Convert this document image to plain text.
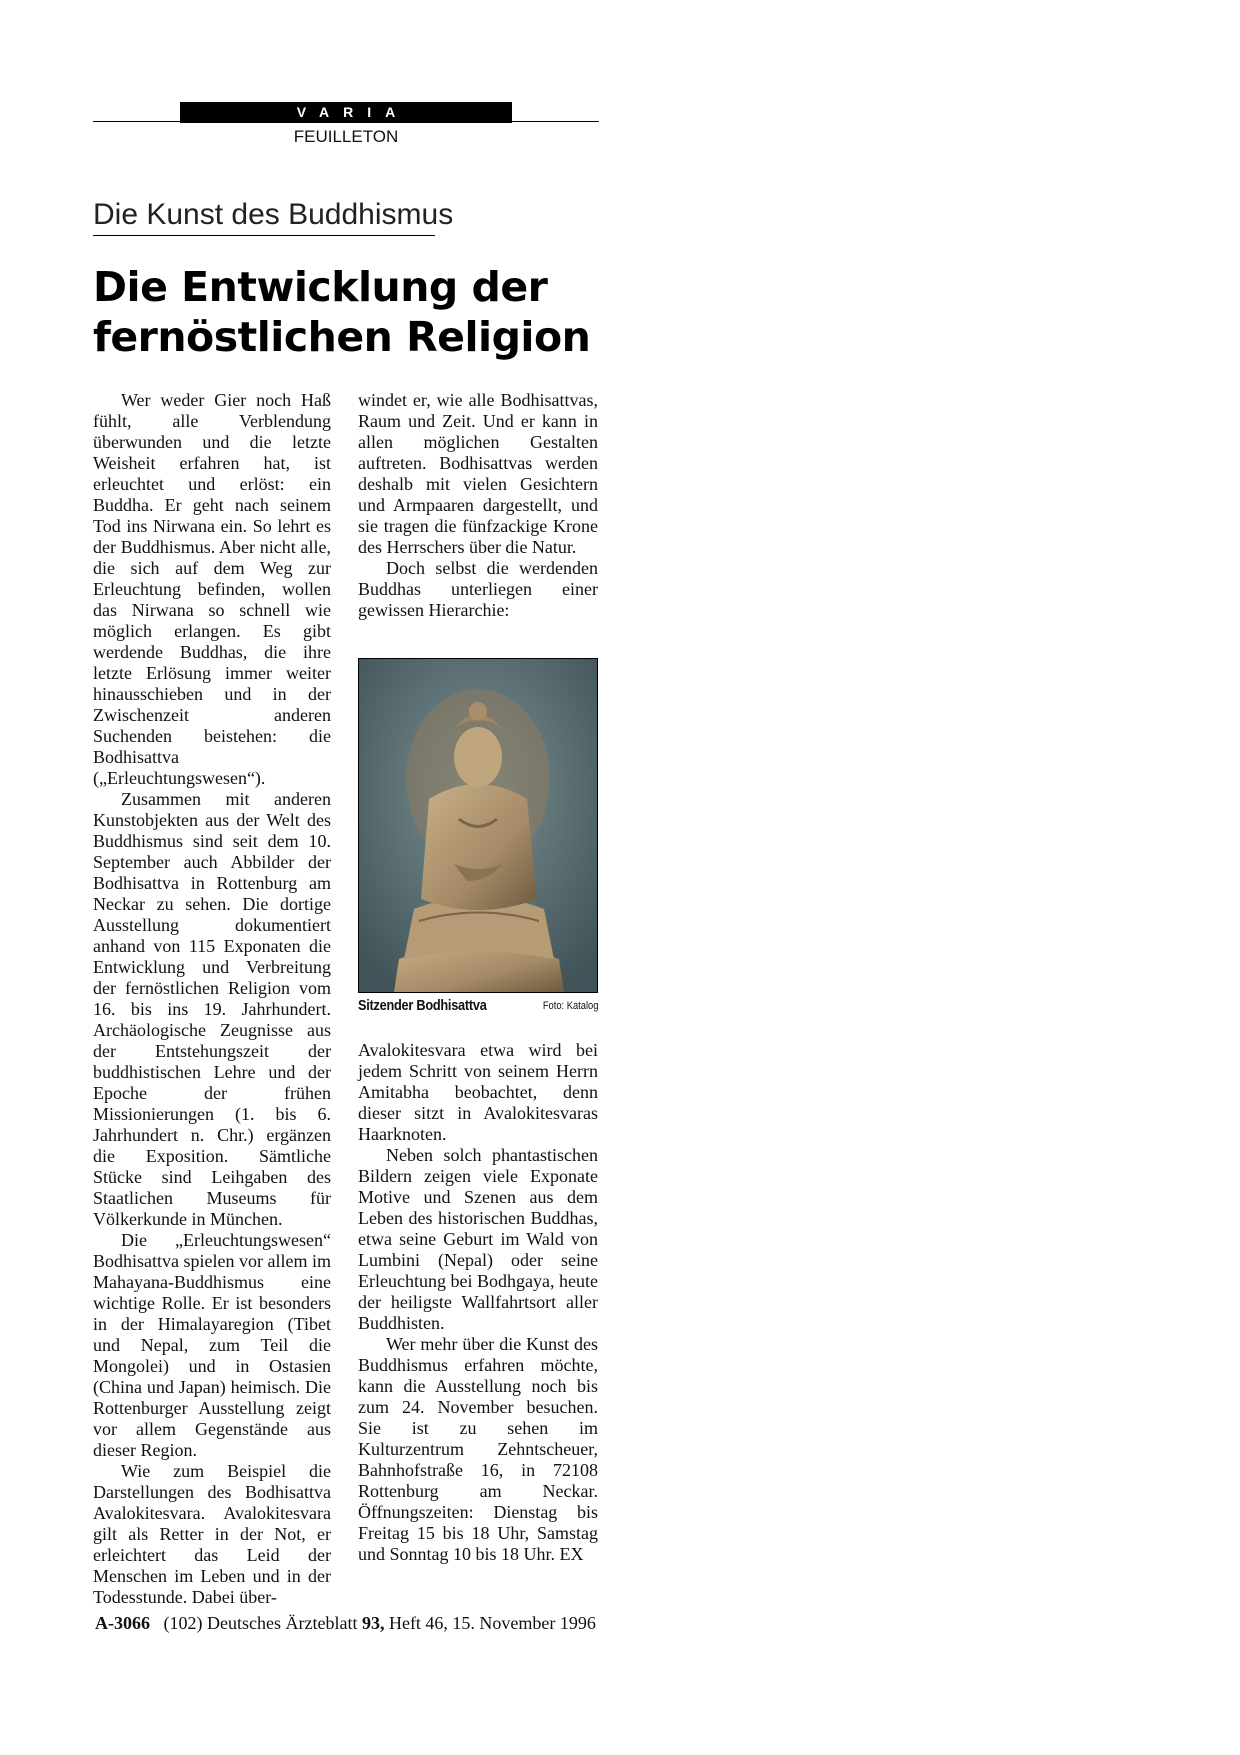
VARIA
FEUILLETON
Die Kunst des Buddhismus
Die Entwicklung der
fernöstlichen Religion

Wer weder Gier noch Haß fühlt, alle Verblendung überwunden und die letzte Weisheit erfahren hat, ist erleuchtet und erlöst: ein Buddha. Er geht nach seinem Tod ins Nirwana ein. So lehrt es der Buddhismus. Aber nicht alle, die sich auf dem Weg zur Erleuchtung befinden, wollen das Nirwana so schnell wie möglich erlangen. Es gibt werdende Buddhas, die ihre letzte Erlösung immer weiter hinausschieben und in der Zwischenzeit anderen Suchenden beistehen: die Bodhisattva („Erleuchtungswesen“).

Zusammen mit anderen Kunstobjekten aus der Welt des Buddhismus sind seit dem 10. September auch Abbilder der Bodhisattva in Rottenburg am Neckar zu sehen. Die dortige Ausstellung dokumentiert anhand von 115 Exponaten die Entwicklung und Verbreitung der fernöstlichen Religion vom 16. bis ins 19. Jahrhundert. Archäologische Zeugnisse aus der Entstehungszeit der buddhistischen Lehre und der Epoche der frühen Missionierungen (1. bis 6. Jahrhundert n. Chr.) ergänzen die Exposition. Sämtliche Stücke sind Leihgaben des Staatlichen Museums für Völkerkunde in München.

Die „Erleuchtungswesen“ Bodhisattva spielen vor allem im Mahayana-Buddhismus eine wichtige Rolle. Er ist besonders in der Himalayaregion (Tibet und Nepal, zum Teil die Mongolei) und in Ostasien (China und Japan) heimisch. Die Rottenburger Ausstellung zeigt vor allem Gegenstände aus dieser Region.

Wie zum Beispiel die Darstellungen des Bodhisattva Avalokitesvara. Avalokitesvara gilt als Retter in der Not, er erleichtert das Leid der Menschen im Leben und in der Todesstunde. Dabei über-

windet er, wie alle Bodhisattvas, Raum und Zeit. Und er kann in allen möglichen Gestalten auftreten. Bodhisattvas werden deshalb mit vielen Gesichtern und Armpaaren dargestellt, und sie tragen die fünfzackige Krone des Herrschers über die Natur.

Doch selbst die werdenden Buddhas unterliegen einer gewissen Hierarchie:

Sitzender Bodhisattva	Foto: Katalog

Avalokitesvara etwa wird bei jedem Schritt von seinem Herrn Amitabha beobachtet, denn dieser sitzt in Avalokitesvaras Haarknoten.

Neben solch phantastischen Bildern zeigen viele Exponate Motive und Szenen aus dem Leben des historischen Buddhas, etwa seine Geburt im Wald von Lumbini (Nepal) oder seine Erleuchtung bei Bodhgaya, heute der heiligste Wallfahrtsort aller Buddhisten.

Wer mehr über die Kunst des Buddhismus erfahren möchte, kann die Ausstellung noch bis zum 24. November besuchen. Sie ist zu sehen im Kulturzentrum Zehntscheuer, Bahnhofstraße 16, in 72108 Rottenburg am Neckar. Öffnungszeiten: Dienstag bis Freitag 15 bis 18 Uhr, Samstag und Sonntag 10 bis 18 Uhr. EX

A-3066 (102) Deutsches Ärzteblatt 93, Heft 46, 15. November 1996
